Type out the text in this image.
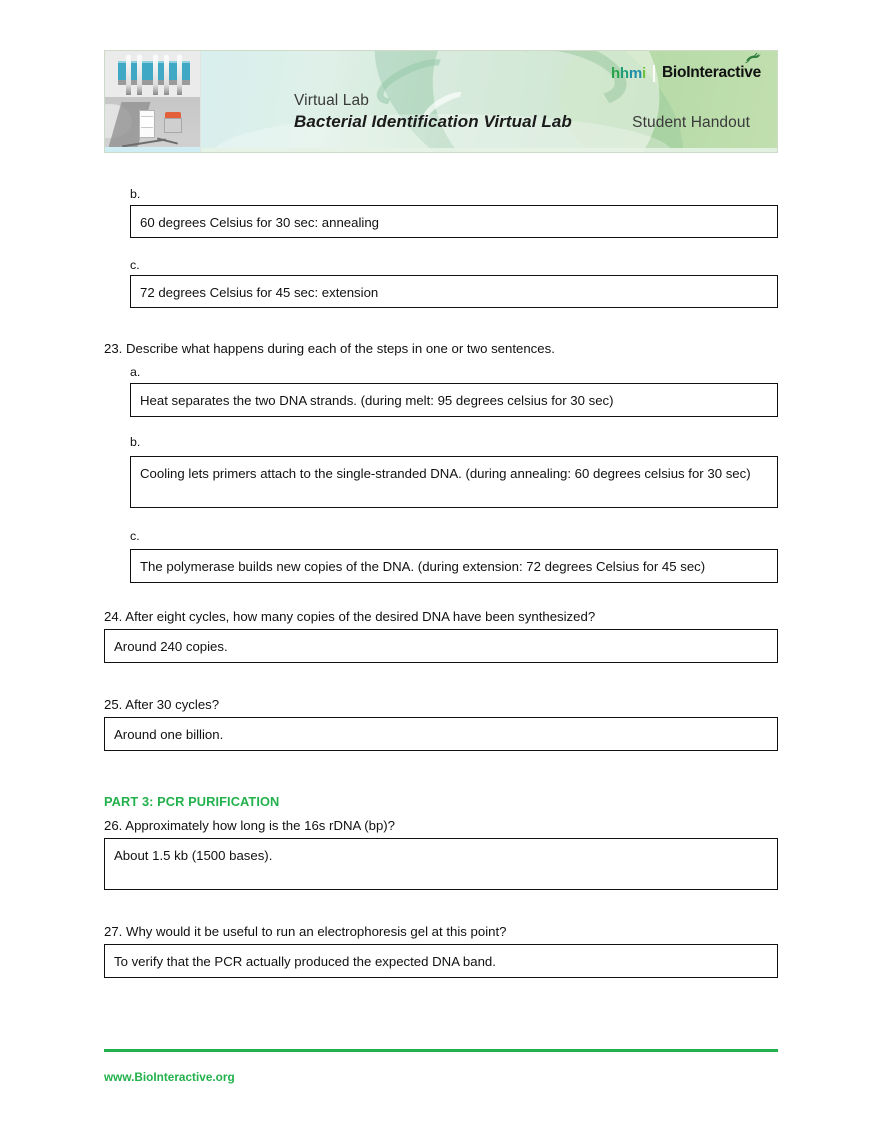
Virtual Lab
Bacterial Identification Virtual Lab
hhmi BioInteractive
Student Handout
b.
60 degrees Celsius for 30 sec: annealing
c.
72 degrees Celsius for 45 sec: extension
23. Describe what happens during each of the steps in one or two sentences.
a.
Heat separates the two DNA strands. (during melt: 95 degrees celsius for 30 sec)
b.
Cooling lets primers attach to the single-stranded DNA. (during annealing: 60 degrees celsius for 30 sec)
c.
The polymerase builds new copies of the DNA. (during extension: 72 degrees Celsius for 45 sec)
24. After eight cycles, how many copies of the desired DNA have been synthesized?
Around 240 copies.
25. After 30 cycles?
Around one billion.
PART 3: PCR PURIFICATION
26. Approximately how long is the 16s rDNA (bp)?
About 1.5 kb (1500 bases).
27. Why would it be useful to run an electrophoresis gel at this point?
To verify that the PCR actually produced the expected DNA band.
www.BioInteractive.org
